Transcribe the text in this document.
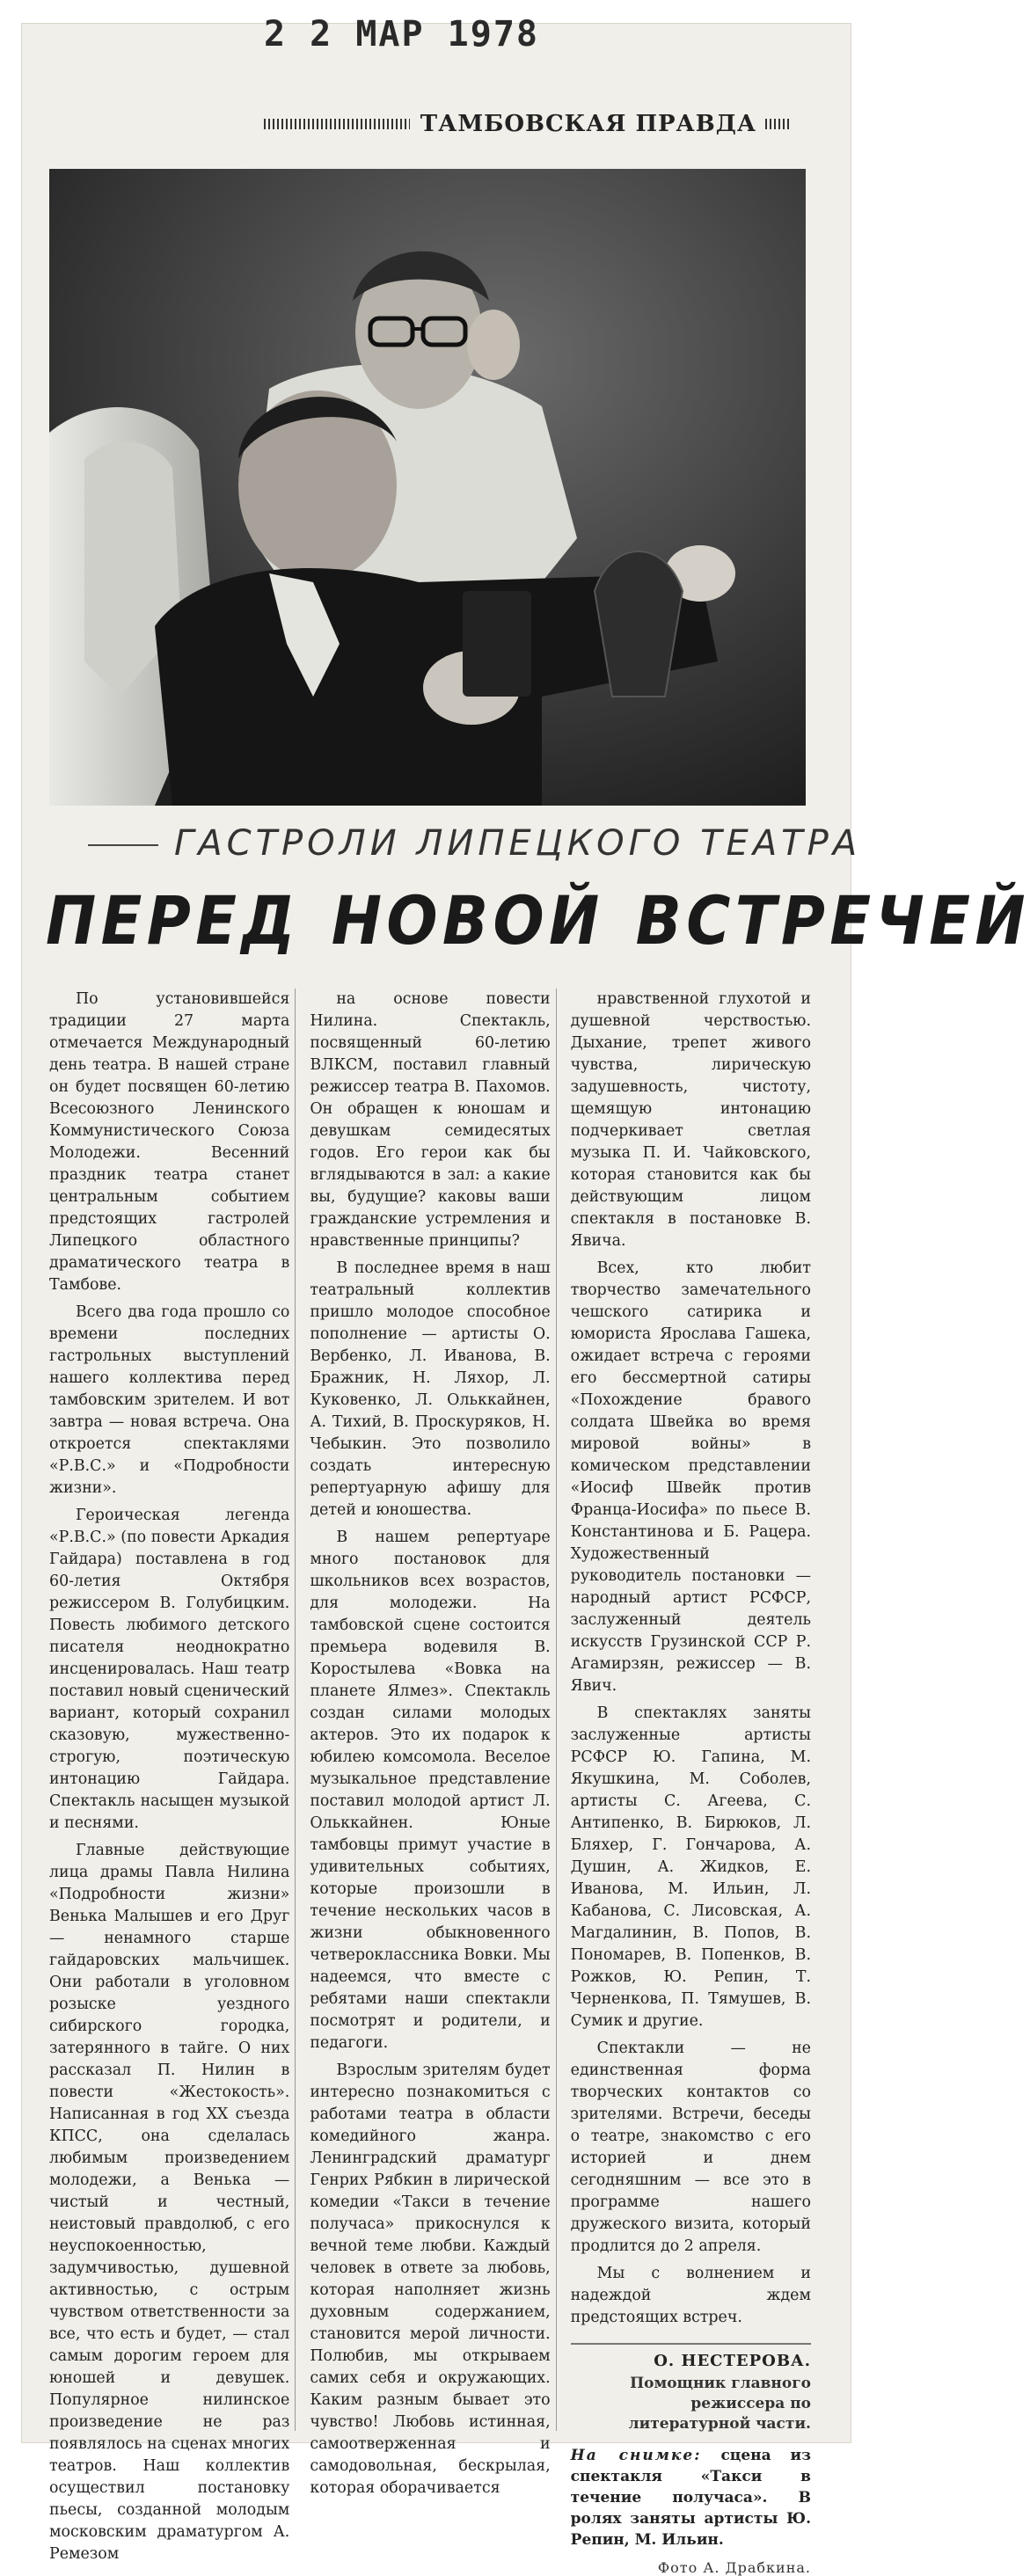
2 2 МАР 1978
ТАМБОВСКАЯ ПРАВДА
ГАСТРОЛИ ЛИПЕЦКОГО ТЕАТРА
ПЕРЕД НОВОЙ ВСТРЕЧЕЙ

По установившейся традиции 27 марта отмечается Международный день театра. В нашей стране он будет посвящен 60-летию Всесоюзного Ленинского Коммунистического Союза Молодежи. Весенний праздник театра станет центральным событием предстоящих гастролей Липецкого областного драматического театра в Тамбове.

Всего два года прошло со времени последних гастрольных выступлений нашего коллектива перед тамбовским зрителем. И вот завтра — новая встреча. Она откроется спектаклями «Р.В.С.» и «Подробности жизни».

Героическая легенда «Р.В.С.» (по повести Аркадия Гайдара) поставлена в год 60-летия Октября режиссером В. Голубицким. Повесть любимого детского писателя неоднократно инсценировалась. Наш театр поставил новый сценический вариант, который сохранил сказовую, мужественно-строгую, поэтическую интонацию Гайдара. Спектакль насыщен музыкой и песнями.

Главные действующие лица драмы Павла Нилина «Подробности жизни» Венька Малышев и его Друг — ненамного старше гайдаровских мальчишек. Они работали в уголовном розыске уездного сибирского городка, затерянного в тайге. О них рассказал П. Нилин в повести «Жестокость». Написанная в год XX съезда КПСС, она сделалась любимым произведением молодежи, а Венька — чистый и честный, неистовый правдолюб, с его неуспокоенностью, задумчивостью, душевной активностью, с острым чувством ответственности за все, что есть и будет, — стал самым дорогим героем для юношей и девушек. Популярное нилинское произведение не раз появлялось на сценах многих театров. Наш коллектив осуществил постановку пьесы, созданной молодым московским драматургом А. Ремезом

на основе повести Нилина. Спектакль, посвященный 60-летию ВЛКСМ, поставил главный режиссер театра В. Пахомов. Он обращен к юношам и девушкам семидесятых годов. Его герои как бы вглядываются в зал: а какие вы, будущие? каковы ваши гражданские устремления и нравственные принципы?

В последнее время в наш театральный коллектив пришло молодое способное пополнение — артисты О. Вербенко, Л. Иванова, В. Бражник, Н. Ляхор, Л. Куковенко, Л. Ольккайнен, А. Тихий, В. Проскуряков, Н. Чебыкин. Это позволило создать интересную репертуарную афишу для детей и юношества.

В нашем репертуаре много постановок для школьников всех возрастов, для молодежи. На тамбовской сцене состоится премьера водевиля В. Коростылева «Вовка на планете Ялмез». Спектакль создан силами молодых актеров. Это их подарок к юбилею комсомола. Веселое музыкальное представление поставил молодой артист Л. Ольккайнен. Юные тамбовцы примут участие в удивительных событиях, которые произошли в течение нескольких часов в жизни обыкновенного четвероклассника Вовки. Мы надеемся, что вместе с ребятами наши спектакли посмотрят и родители, и педагоги.

Взрослым зрителям будет интересно познакомиться с работами театра в области комедийного жанра. Ленинградский драматург Генрих Рябкин в лирической комедии «Такси в течение получаса» прикоснулся к вечной теме любви. Каждый человек в ответе за любовь, которая наполняет жизнь духовным содержанием, становится мерой личности. Полюбив, мы открываем самих себя и окружающих. Каким разным бывает это чувство! Любовь истинная, самоотверженная и самодовольная, бескрылая, которая оборачивается

нравственной глухотой и душевной черствостью. Дыхание, трепет живого чувства, лирическую задушевность, чистоту, щемящую интонацию подчеркивает светлая музыка П. И. Чайковского, которая становится как бы действующим лицом спектакля в постановке В. Явича.

Всех, кто любит творчество замечательного чешского сатирика и юмориста Ярослава Гашека, ожидает встреча с героями его бессмертной сатиры «Похождение бравого солдата Швейка во время мировой войны» в комическом представлении «Иосиф Швейк против Франца-Иосифа» по пьесе В. Константинова и Б. Рацера. Художественный руководитель постановки — народный артист РСФСР, заслуженный деятель искусств Грузинской ССР Р. Агамирзян, режиссер — В. Явич.

В спектаклях заняты заслуженные артисты РСФСР Ю. Гапина, М. Якушкина, М. Соболев, артисты С. Агеева, С. Антипенко, В. Бирюков, Л. Бляхер, Г. Гончарова, А. Душин, А. Жидков, Е. Иванова, М. Ильин, Л. Кабанова, С. Лисовская, А. Магдалинин, В. Попов, В. Пономарев, В. Попенков, В. Рожков, Ю. Репин, Т. Черненкова, П. Тямушев, В. Сумик и другие.

Спектакли — не единственная форма творческих контактов со зрителями. Встречи, беседы о театре, знакомство с его историей и днем сегодняшним — все это в программе нашего дружеского визита, который продлится до 2 апреля.

Мы с волнением и надеждой ждем предстоящих встреч.

О. НЕСТЕРОВА.
Помощник главного режиссера по литературной части.
На снимке: сцена из спектакля «Такси в течение получаса». В ролях заняты артисты Ю. Репин, М. Ильин.
Фото А. Драбкина.
